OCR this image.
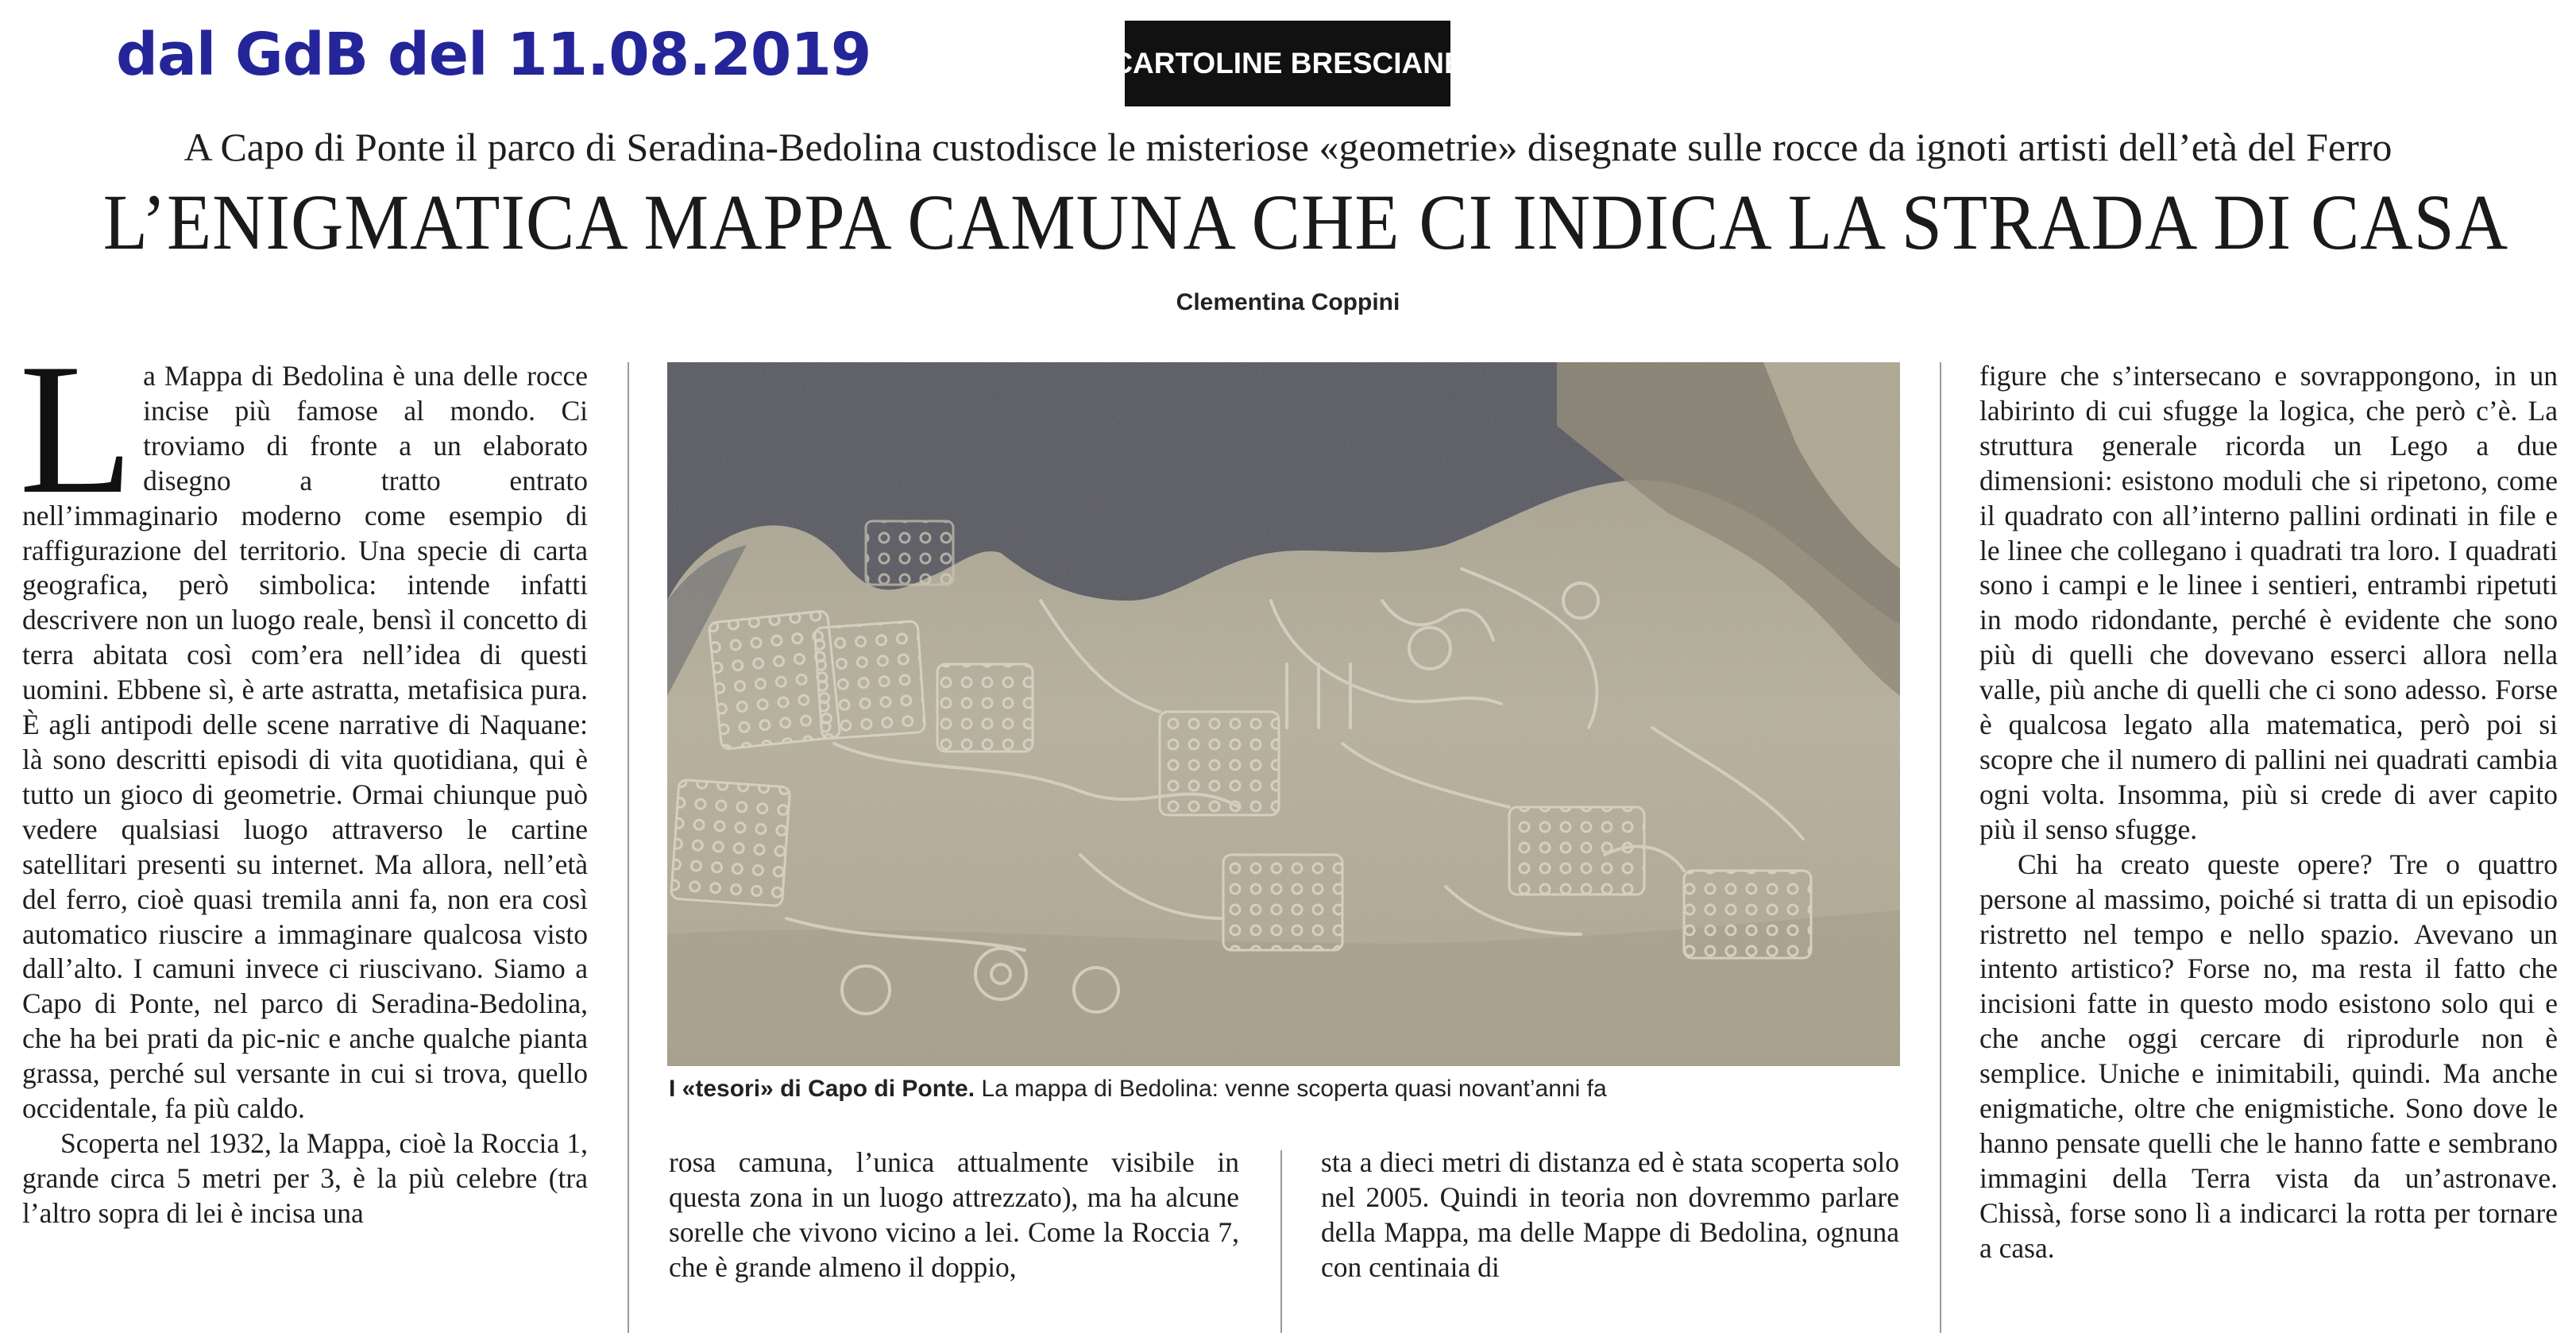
dal GdB del 11.08.2019	CARTOLINE BRESCIANE
A Capo di Ponte il parco di Seradina-Bedolina custodisce le misteriose «geometrie» disegnate sulle rocce da ignoti artisti dell’età del Ferro
L’ENIGMATICA MAPPA CAMUNA CHE CI INDICA LA STRADA DI CASA
Clementina Coppini

La Mappa di Bedolina è una delle rocce incise più famose al mondo. Ci troviamo di fronte a un elaborato disegno a tratto entrato nell’immaginario moderno come esempio di raffigurazione del territorio. Una specie di carta geografica, però simbolica: intende infatti descrivere non un luogo reale, bensì il concetto di terra abitata così com’era nell’idea di questi uomini. Ebbene sì, è arte astratta, metafisica pura. È agli antipodi delle scene narrative di Naquane: là sono descritti episodi di vita quotidiana, qui è tutto un gioco di geometrie. Ormai chiunque può vedere qualsiasi luogo attraverso le cartine satellitari presenti su internet. Ma allora, nell’età del ferro, cioè quasi tremila anni fa, non era così automatico riuscire a immaginare qualcosa visto dall’alto. I camuni invece ci riuscivano. Siamo a Capo di Ponte, nel parco di Seradina-Bedolina, che ha bei prati da pic-nic e anche qualche pianta grassa, perché sul versante in cui si trova, quello occidentale, fa più caldo.

Scoperta nel 1932, la Mappa, cioè la Roccia 1, grande circa 5 metri per 3, è la più celebre (tra l’altro sopra di lei è incisa una

I «tesori» di Capo di Ponte. La mappa di Bedolina: venne scoperta quasi novant’anni fa

rosa camuna, l’unica attualmente visibile in questa zona in un luogo attrezzato), ma ha alcune sorelle che vivono vicino a lei. Come la Roccia 7, che è grande almeno il doppio,

sta a dieci metri di distanza ed è stata scoperta solo nel 2005. Quindi in teoria non dovremmo parlare della Mappa, ma delle Mappe di Bedolina, ognuna con centinaia di

figure che s’intersecano e sovrappongono, in un labirinto di cui sfugge la logica, che però c’è. La struttura generale ricorda un Lego a due dimensioni: esistono moduli che si ripetono, come il quadrato con all’interno pallini ordinati in file e le linee che collegano i quadrati tra loro. I quadrati sono i campi e le linee i sentieri, entrambi ripetuti in modo ridondante, perché è evidente che sono più di quelli che dovevano esserci allora nella valle, più anche di quelli che ci sono adesso. Forse è qualcosa legato alla matematica, però poi si scopre che il numero di pallini nei quadrati cambia ogni volta. Insomma, più si crede di aver capito più il senso sfugge.

Chi ha creato queste opere? Tre o quattro persone al massimo, poiché si tratta di un episodio ristretto nel tempo e nello spazio. Avevano un intento artistico? Forse no, ma resta il fatto che incisioni fatte in questo modo esistono solo qui e che anche oggi cercare di riprodurle non è semplice. Uniche e inimitabili, quindi. Ma anche enigmatiche, oltre che enigmistiche. Sono dove le hanno pensate quelli che le hanno fatte e sembrano immagini della Terra vista da un’astronave. Chissà, forse sono lì a indicarci la rotta per tornare a casa.
